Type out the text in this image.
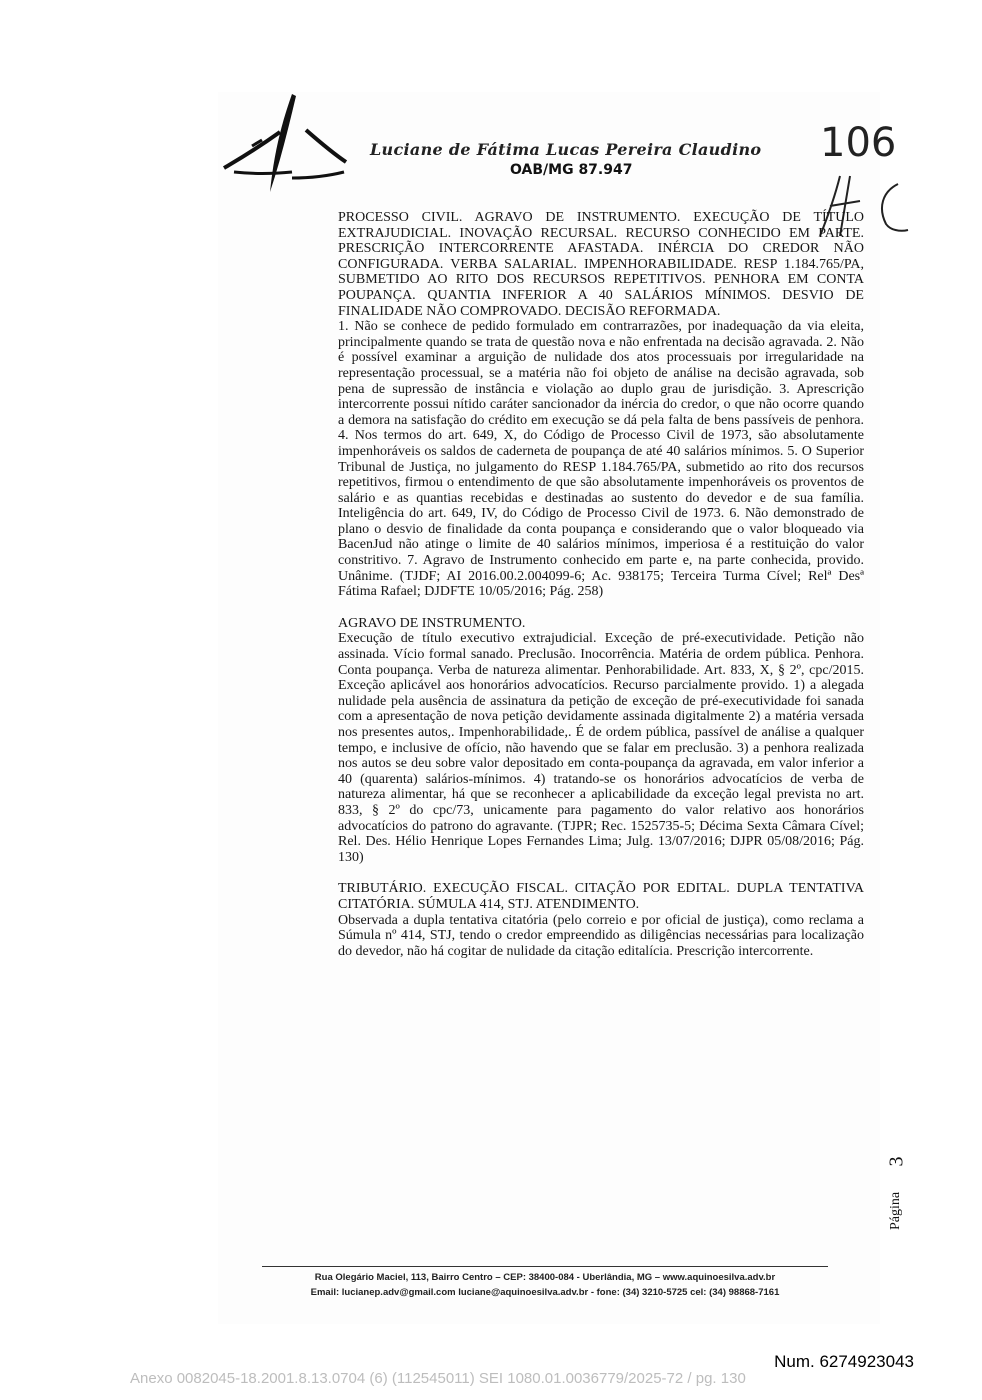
Luciane de Fátima Lucas Pereira Claudino
OAB/MG 87.947
106

PROCESSO CIVIL. AGRAVO DE INSTRUMENTO. EXECUÇÃO DE TÍTULO EXTRAJUDICIAL. INOVAÇÃO RECURSAL. RECURSO CONHECIDO EM PARTE. PRESCRIÇÃO INTERCORRENTE AFASTADA. INÉRCIA DO CREDOR NÃO CONFIGURADA. VERBA SALARIAL. IMPENHORABILIDADE. RESP 1.184.765/PA, SUBMETIDO AO RITO DOS RECURSOS REPETITIVOS. PENHORA EM CONTA POUPANÇA. QUANTIA INFERIOR A 40 SALÁRIOS MÍNIMOS. DESVIO DE FINALIDADE NÃO COMPROVADO. DECISÃO REFORMADA.

1. Não se conhece de pedido formulado em contrarrazões, por inadequação da via eleita, principalmente quando se trata de questão nova e não enfrentada na decisão agravada. 2. Não é possível examinar a arguição de nulidade dos atos processuais por irregularidade na representação processual, se a matéria não foi objeto de análise na decisão agravada, sob pena de supressão de instância e violação ao duplo grau de jurisdição. 3. Aprescrição intercorrente possui nítido caráter sancionador da inércia do credor, o que não ocorre quando a demora na satisfação do crédito em execução se dá pela falta de bens passíveis de penhora. 4. Nos termos do art. 649, X, do Código de Processo Civil de 1973, são absolutamente impenhoráveis os saldos de caderneta de poupança de até 40 salários mínimos. 5. O Superior Tribunal de Justiça, no julgamento do RESP 1.184.765/PA, submetido ao rito dos recursos repetitivos, firmou o entendimento de que são absolutamente impenhoráveis os proventos de salário e as quantias recebidas e destinadas ao sustento do devedor e de sua família. Inteligência do art. 649, IV, do Código de Processo Civil de 1973. 6. Não demonstrado de plano o desvio de finalidade da conta poupança e considerando que o valor bloqueado via BacenJud não atinge o limite de 40 salários mínimos, imperiosa é a restituição do valor constritivo. 7. Agravo de Instrumento conhecido em parte e, na parte conhecida, provido. Unânime. (TJDF; AI 2016.00.2.004099-6; Ac. 938175; Terceira Turma Cível; Relª Desª Fátima Rafael; DJDFTE 10/05/2016; Pág. 258)

AGRAVO DE INSTRUMENTO.

Execução de título executivo extrajudicial. Exceção de pré-executividade. Petição não assinada. Vício formal sanado. Preclusão. Inocorrência. Matéria de ordem pública. Penhora. Conta poupança. Verba de natureza alimentar. Penhorabilidade. Art. 833, X, § 2º, cpc/2015. Exceção aplicável aos honorários advocatícios. Recurso parcialmente provido. 1) a alegada nulidade pela ausência de assinatura da petição de exceção de pré-executividade foi sanada com a apresentação de nova petição devidamente assinada digitalmente 2) a matéria versada nos presentes autos,. Impenhorabilidade,. É de ordem pública, passível de análise a qualquer tempo, e inclusive de ofício, não havendo que se falar em preclusão. 3) a penhora realizada nos autos se deu sobre valor depositado em conta-poupança da agravada, em valor inferior a 40 (quarenta) salários-mínimos. 4) tratando-se os honorários advocatícios de verba de natureza alimentar, há que se reconhecer a aplicabilidade da exceção legal prevista no art. 833, § 2º do cpc/73, unicamente para pagamento do valor relativo aos honorários advocatícios do patrono do agravante. (TJPR; Rec. 1525735-5; Décima Sexta Câmara Cível; Rel. Des. Hélio Henrique Lopes Fernandes Lima; Julg. 13/07/2016; DJPR 05/08/2016; Pág. 130)

TRIBUTÁRIO. EXECUÇÃO FISCAL. CITAÇÃO POR EDITAL. DUPLA TENTATIVA CITATÓRIA. SÚMULA 414, STJ. ATENDIMENTO.

Observada a dupla tentativa citatória (pelo correio e por oficial de justiça), como reclama a Súmula nº 414, STJ, tendo o credor empreendido as diligências necessárias para localização do devedor, não há cogitar de nulidade da citação editalícia. Prescrição intercorrente.

3
Página
Rua Olegário Maciel, 113, Bairro Centro – CEP: 38400-084 - Uberlândia, MG – www.aquinoesilva.adv.br
Email: lucianep.adv@gmail.com luciane@aquinoesilva.adv.br - fone: (34) 3210-5725 cel: (34) 98868-7161
Num. 6274923043
Anexo 0082045-18.2001.8.13.0704 (6) (112545011) SEI 1080.01.0036779/2025-72 / pg. 130
